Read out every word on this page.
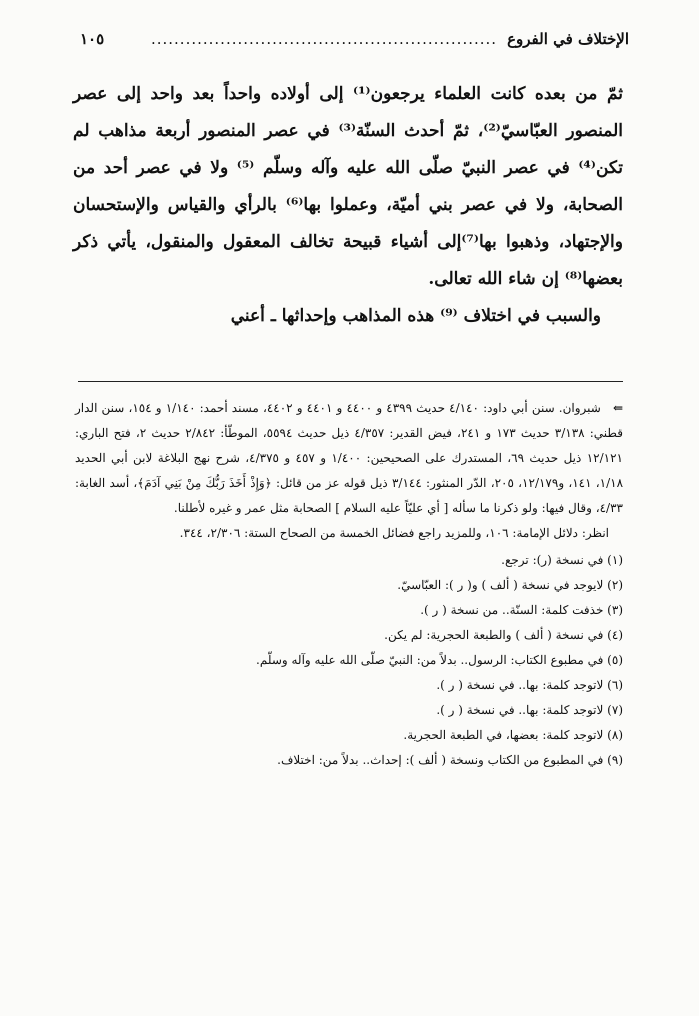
الإختلاف في الفروع
............................................................
١٠٥

ثمّ من بعده كانت العلماء يرجعون⁽¹⁾ إلى أولاده واحداً بعد واحد إلى عصر المنصور العبّاسيّ⁽²⁾، ثمّ أحدث السنّة⁽³⁾ في عصر المنصور أربعة مذاهب لم تكن⁽⁴⁾ في عصر النبيّ صلّى الله عليه وآله وسلّم ⁽⁵⁾ ولا في عصر أحد من الصحابة، ولا في عصر بني أميّة، وعملوا بها⁽⁶⁾ بالرأي والقياس والإستحسان والإجتهاد، وذهبوا بها⁽⁷⁾إلى أشياء قبيحة تخالف المعقول والمنقول، يأتي ذكر بعضها⁽⁸⁾ إن شاء الله تعالى.

والسبب في اختلاف ⁽⁹⁾ هذه المذاهب وإحداثها ـ أعني

⇐ شبروان. سنن أبي داود: ٤/١٤٠ حديث ٤٣٩٩ و ٤٤٠٠ و ٤٤٠١ و ٤٤٠٢، مسند أحمد: ١/١٤٠ و ١٥٤، سنن الدار قطني: ٣/١٣٨ حديث ١٧٣ و ٢٤١، فيض القدير: ٤/٣٥٧ ذيل حديث ٥٥٩٤، الموطّأ: ٢/٨٤٢ حديث ٢، فتح الباري: ١٢/١٢١ ذيل حديث ٦٩، المستدرك على الصحيحين: ١/٤٠٠ و ٤٥٧ و ٤/٣٧٥، شرح نهج البلاغة لابن أبي الحديد ١/١٨، ١٤١، و١٢/١٧٩، ٢٠٥، الدّر المنثور: ٣/١٤٤ ذيل قوله عز من قائل: ﴿وَإِذْ أَخَذَ رَبُّكَ مِنْ بَنِي آدَمَ﴾، أسد الغابة: ٤/٣٣، وقال فيها: ولو ذكرنا ما سأله [ أي عليّاً عليه السلام ] الصحابة مثل عمر و غيره لأطلنا.

انظر: دلائل الإمامة: ١٠٦، وللمزيد راجع فضائل الخمسة من الصحاح الستة: ٢/٣٠٦، ٣٤٤.

(١) في نسخة (ر): ترجع.

(٢) لايوجد في نسخة ( ألف ) و( ر ): العبّاسيّ.

(٣) خذفت كلمة: السنّة.. من نسخة ( ر ).

(٤) في نسخة ( ألف ) والطبعة الحجرية: لم يكن.

(٥) في مطبوع الكتاب: الرسول.. بدلاً من: النبيّ صلّى الله عليه وآله وسلّم.

(٦) لاتوجد كلمة: بها.. في نسخة ( ر ).

(٧) لاتوجد كلمة: بها.. في نسخة ( ر ).

(٨) لاتوجد كلمة: بعضها، في الطبعة الحجرية.

(٩) في المطبوع من الكتاب ونسخة ( ألف ): إحداث.. بدلاً من: اختلاف.
